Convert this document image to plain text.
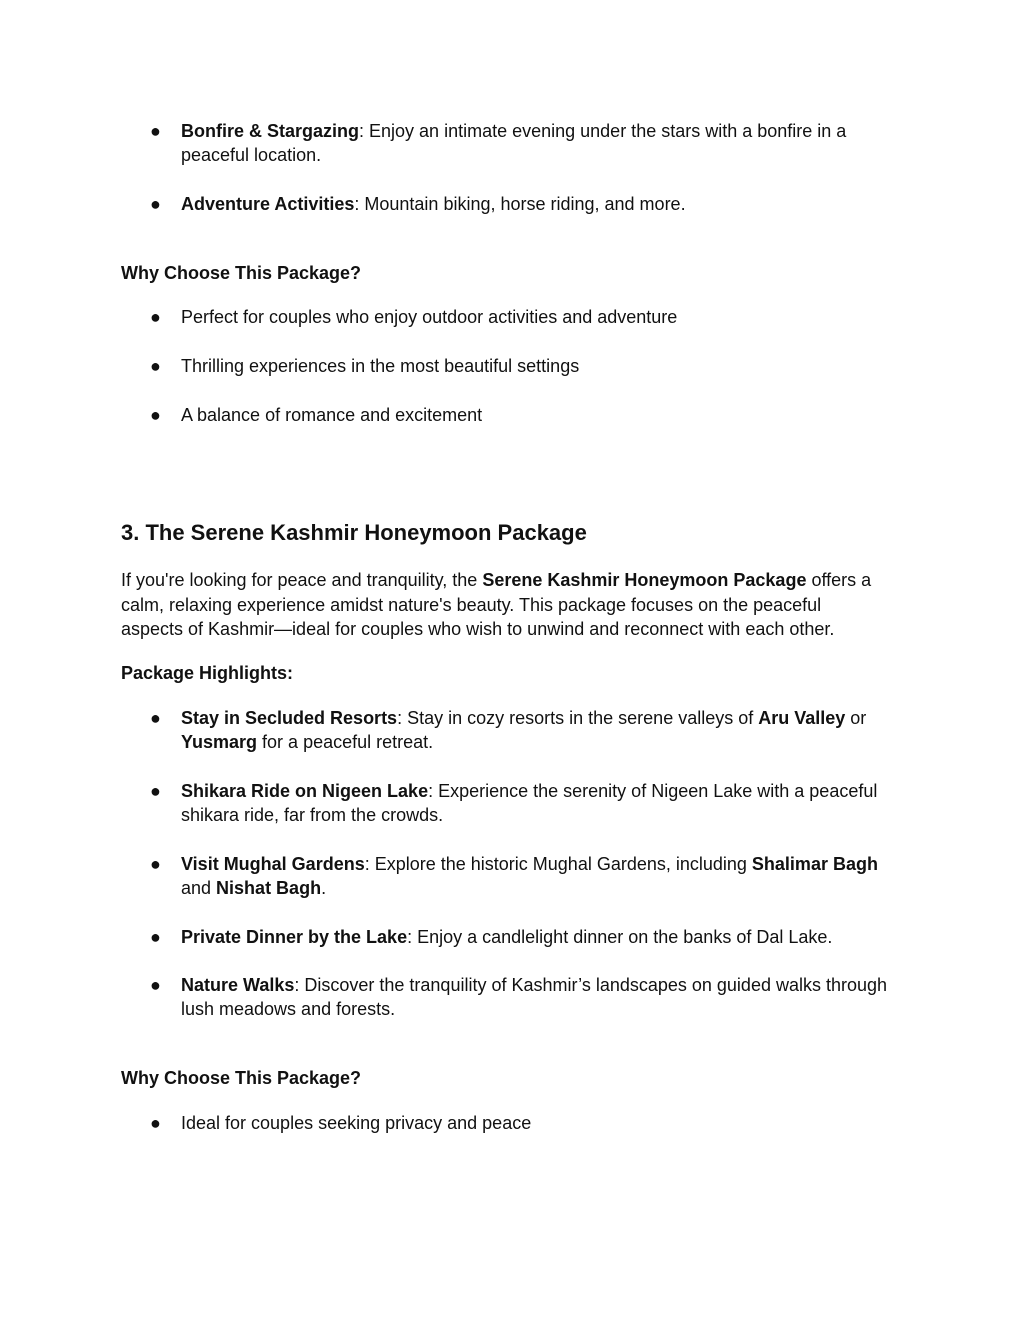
●	Bonfire & Stargazing: Enjoy an intimate evening under the stars with a bonfire in a
peaceful location.
●	Adventure Activities: Mountain biking, horse riding, and more.
Why Choose This Package?
●	Perfect for couples who enjoy outdoor activities and adventure
●	Thrilling experiences in the most beautiful settings
●	A balance of romance and excitement
3. The Serene Kashmir Honeymoon Package
If you're looking for peace and tranquility, the Serene Kashmir Honeymoon Package offers a
calm, relaxing experience amidst nature's beauty. This package focuses on the peaceful
aspects of Kashmir—ideal for couples who wish to unwind and reconnect with each other.
Package Highlights:
●	Stay in Secluded Resorts: Stay in cozy resorts in the serene valleys of Aru Valley or
Yusmarg for a peaceful retreat.
●	Shikara Ride on Nigeen Lake: Experience the serenity of Nigeen Lake with a peaceful
shikara ride, far from the crowds.
●	Visit Mughal Gardens: Explore the historic Mughal Gardens, including Shalimar Bagh
and Nishat Bagh.
●	Private Dinner by the Lake: Enjoy a candlelight dinner on the banks of Dal Lake.
●	Nature Walks: Discover the tranquility of Kashmir’s landscapes on guided walks through
lush meadows and forests.
Why Choose This Package?
●	Ideal for couples seeking privacy and peace
